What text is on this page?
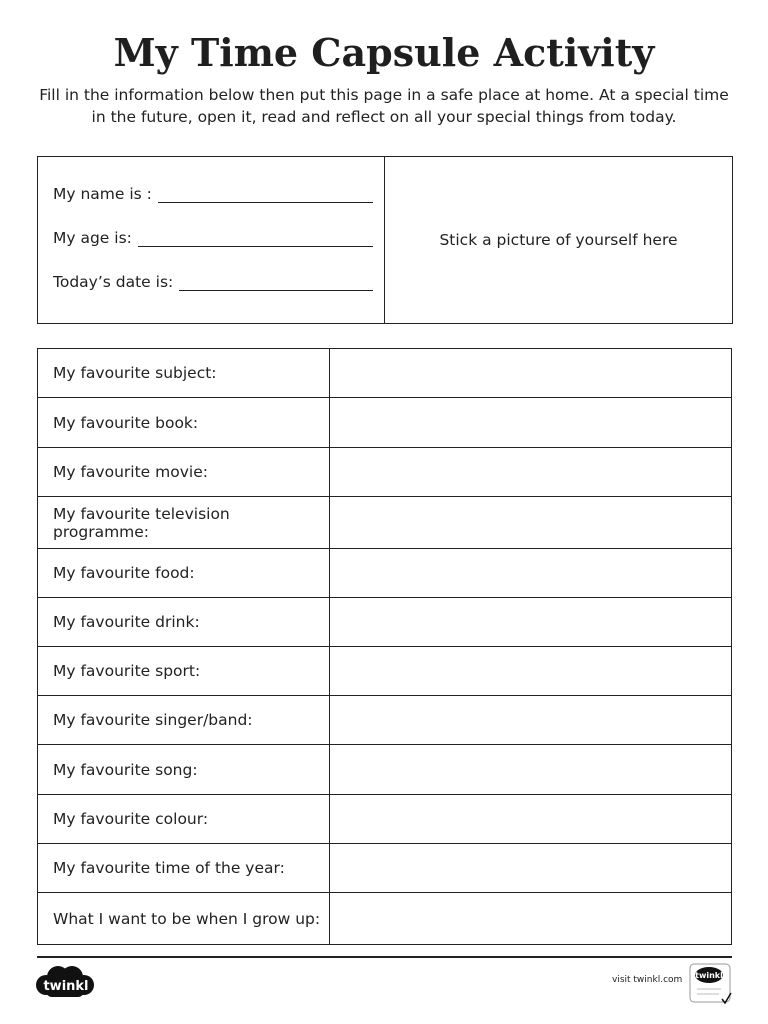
My Time Capsule Activity
Fill in the information below then put this page in a safe place at home. At a special time in the future, open it, read and reflect on all your special things from today.
My name is :
My age is:
Today’s date is:
Stick a picture of yourself here
My favourite subject:	
My favourite book:	
My favourite movie:	
My favourite television programme:	
My favourite food:	
My favourite drink:	
My favourite sport:	
My favourite singer/band:	
My favourite song:	
My favourite colour:	
My favourite time of the year:	
What I want to be when I grow up:	
twinkl	visit twinkl.com twinkl
